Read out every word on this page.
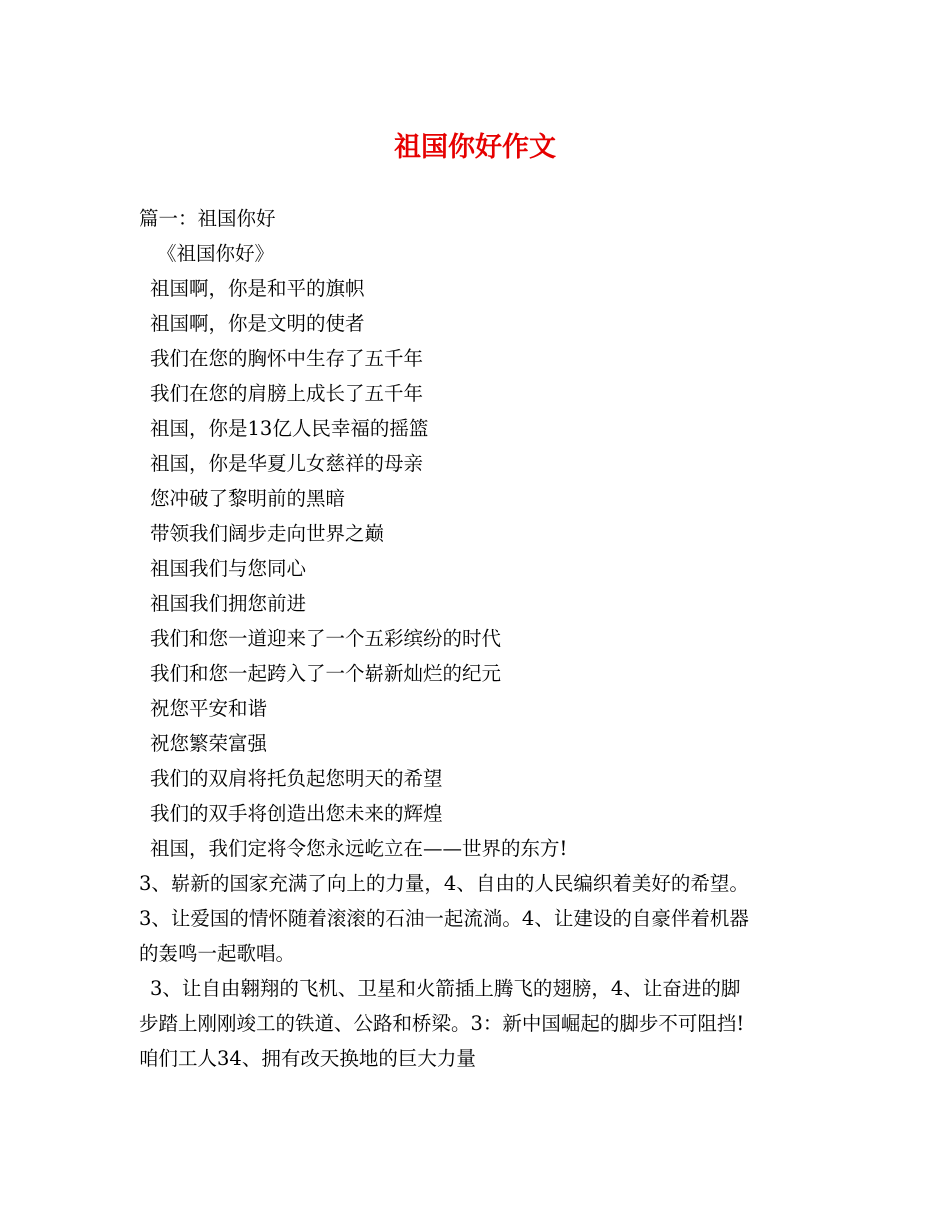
祖国你好作文
篇一：祖国你好
《祖国你好》
祖国啊，你是和平的旗帜
祖国啊，你是文明的使者
我们在您的胸怀中生存了五千年
我们在您的肩膀上成长了五千年
祖国，你是13亿人民幸福的摇篮
祖国，你是华夏儿女慈祥的母亲
您冲破了黎明前的黑暗
带领我们阔步走向世界之巅
祖国我们与您同心
祖国我们拥您前进
我们和您一道迎来了一个五彩缤纷的时代
我们和您一起跨入了一个崭新灿烂的纪元
祝您平安和谐
祝您繁荣富强
我们的双肩将托负起您明天的希望
我们的双手将创造出您未来的辉煌
祖国，我们定将令您永远屹立在——世界的东方!
3、崭新的国家充满了向上的力量，4、自由的人民编织着美好的希望。
3、让爱国的情怀随着滚滚的石油一起流淌。4、让建设的自豪伴着机器
的轰鸣一起歌唱。
3、让自由翱翔的飞机、卫星和火箭插上腾飞的翅膀，4、让奋进的脚
步踏上刚刚竣工的铁道、公路和桥梁。3：新中国崛起的脚步不可阻挡!
咱们工人34、拥有改天换地的巨大力量
